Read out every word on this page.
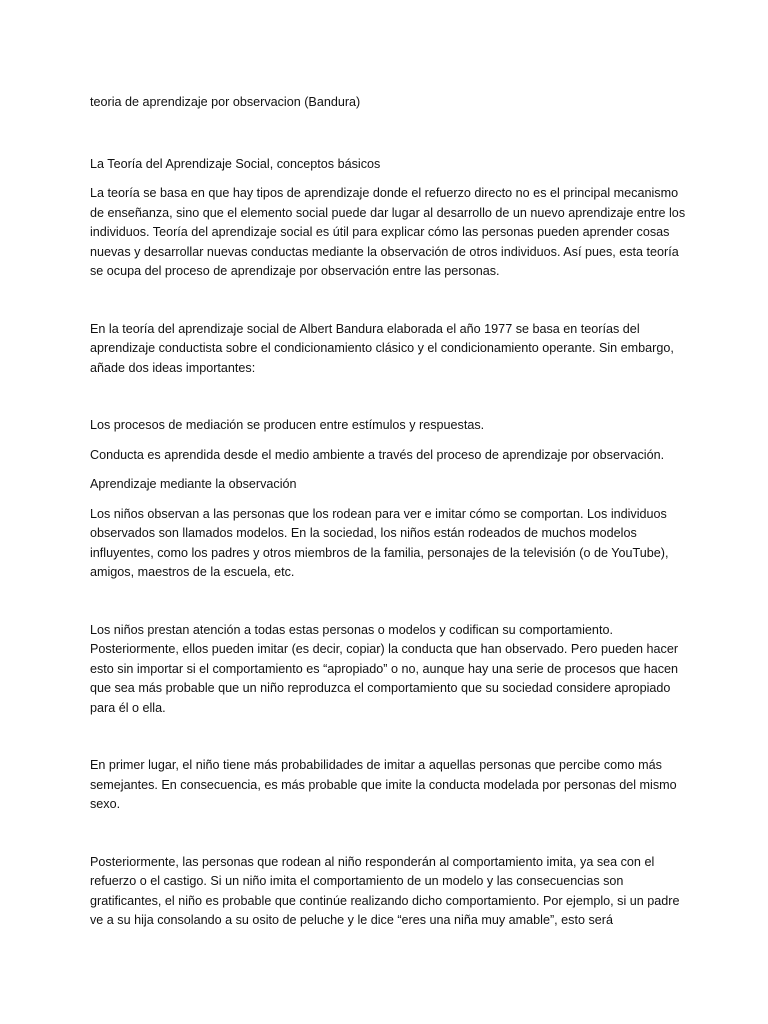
teoria de aprendizaje por observacion (Bandura)

La Teoría del Aprendizaje Social, conceptos básicos

La teoría se basa en que hay tipos de aprendizaje donde el refuerzo directo no es el principal mecanismo de enseñanza, sino que el elemento social puede dar lugar al desarrollo de un nuevo aprendizaje entre los individuos. Teoría del aprendizaje social es útil para explicar cómo las personas pueden aprender cosas nuevas y desarrollar nuevas conductas mediante la observación de otros individuos. Así pues, esta teoría se ocupa del proceso de aprendizaje por observación entre las personas.

En la teoría del aprendizaje social de Albert Bandura elaborada el año 1977 se basa en teorías del aprendizaje conductista sobre el condicionamiento clásico y el condicionamiento operante. Sin embargo, añade dos ideas importantes:

Los procesos de mediación se producen entre estímulos y respuestas.

Conducta es aprendida desde el medio ambiente a través del proceso de aprendizaje por observación.

Aprendizaje mediante la observación

Los niños observan a las personas que los rodean para ver e imitar cómo se comportan. Los individuos observados son llamados modelos. En la sociedad, los niños están rodeados de muchos modelos influyentes, como los padres y otros miembros de la familia, personajes de la televisión (o de YouTube), amigos, maestros de la escuela, etc.

Los niños prestan atención a todas estas personas o modelos y codifican su comportamiento. Posteriormente, ellos pueden imitar (es decir, copiar) la conducta que han observado. Pero pueden hacer esto sin importar si el comportamiento es “apropiado” o no, aunque hay una serie de procesos que hacen que sea más probable que un niño reproduzca el comportamiento que su sociedad considere apropiado para él o ella.

En primer lugar, el niño tiene más probabilidades de imitar a aquellas personas que percibe como más semejantes. En consecuencia, es más probable que imite la conducta modelada por personas del mismo sexo.

Posteriormente, las personas que rodean al niño responderán al comportamiento imita, ya sea con el refuerzo o el castigo. Si un niño imita el comportamiento de un modelo y las consecuencias son gratificantes, el niño es probable que continúe realizando dicho comportamiento. Por ejemplo, si un padre ve a su hija consolando a su osito de peluche y le dice “eres una niña muy amable”, esto será
